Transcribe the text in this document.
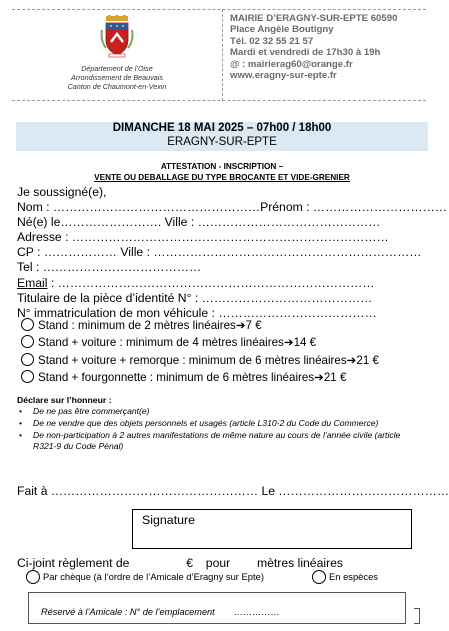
Département de l’Oise
Arrondissement de Beauvais
Canton de Chaumont-en-Vexin
MAIRIE D’ERAGNY-SUR-EPTE 60590
Place Angèle Boutigny
Tél. 02 32 55 21 57
Mardi et vendredi de 17h30 à 19h
@ : mairierag60@orange.fr
www.eragny-sur-epte.fr
DIMANCHE 18 MAI 2025 – 07h00 / 18h00
ERAGNY-SUR-EPTE
ATTESTATION - INSCRIPTION –
VENTE OU DEBALLAGE DU TYPE BROCANTE ET VIDE-GRENIER
Je soussigné(e),
Nom : ……………………………………………Prénom : ……………………………
Né(e) le……………………. Ville : ………………………………………
Adresse : ……………………………………………………………………
CP : ……………… Ville : …………………………………………………………
Tel : …………………………………
Email : ……………………………………………………………………
Titulaire de la pièce d’identité N° : ……………………………………
N° immatriculation de mon véhicule : …………………………………
Stand : minimum de 2 mètres linéaires➔7 €
Stand + voiture : minimum de 4 mètres linéaires➔14 €
Stand + voiture + remorque : minimum de 6 mètres linéaires➔21 €
Stand + fourgonnette : minimum de 6 mètres linéaires➔21 €
Déclare sur l’honneur :
• De ne pas être commerçant(e)
• De ne vendre que des objets personnels et usagés (article L310-2 du Code du Commerce)
• De non-participation à 2 autres manifestations de même nature au cours de l’année civile (article R321-9 du Code Pénal)
Fait à …………………………………………… Le ……………………………………
Signature
Ci-joint règlement de	€ pour mètres linéaires
Par chèque (à l’ordre de l’Amicale d’Eragny sur Epte)	En espèces
Réservé à l’Amicale : N° de l’emplacement ……………
